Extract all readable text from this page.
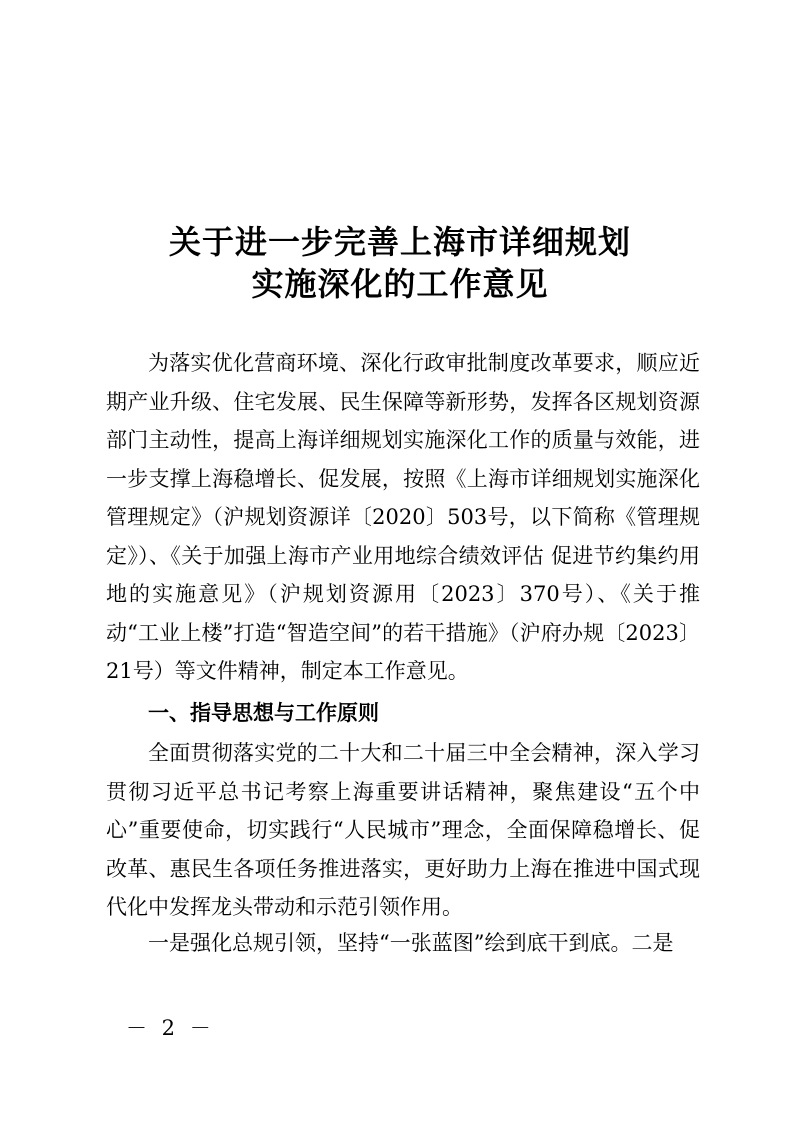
关于进一步完善上海市详细规划
实施深化的工作意见

为落实优化营商环境、深化行政审批制度改革要求，顺应近期产业升级、住宅发展、民生保障等新形势，发挥各区规划资源部门主动性，提高上海详细规划实施深化工作的质量与效能，进一步支撑上海稳增长、促发展，按照《上海市详细规划实施深化管理规定》（沪规划资源详〔2020〕503号，以下简称《管理规定》）、《关于加强上海市产业用地综合绩效评估 促进节约集约用地的实施意见》（沪规划资源用〔2023〕370号）、《关于推动“工业上楼”打造“智造空间”的若干措施》（沪府办规〔2023〕21号）等文件精神，制定本工作意见。

一、指导思想与工作原则

全面贯彻落实党的二十大和二十届三中全会精神，深入学习贯彻习近平总书记考察上海重要讲话精神，聚焦建设“五个中心”重要使命，切实践行“人民城市”理念，全面保障稳增长、促改革、惠民生各项任务推进落实，更好助力上海在推进中国式现代化中发挥龙头带动和示范引领作用。

一是强化总规引领，坚持“一张蓝图”绘到底干到底。二是

－ 2 －
